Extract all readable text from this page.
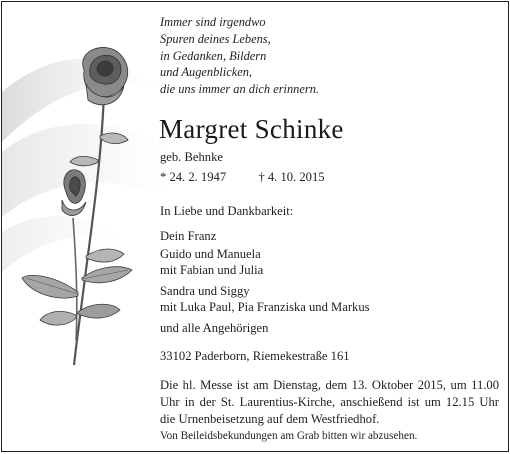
Immer sind irgendwo
Spuren deines Lebens,
in Gedanken, Bildern
und Augenblicken,
die uns immer an dich erinnern.
Margret Schinke
geb. Behnke
* 24. 2. 1947	† 4. 10. 2015
In Liebe und Dankbarkeit:
Dein Franz
Guido und Manuela
mit Fabian und Julia
Sandra und Siggy
mit Luka Paul, Pia Franziska und Markus
und alle Angehörigen
33102 Paderborn, Riemekestraße 161
Die hl. Messe ist am Dienstag, dem 13. Oktober 2015, um 11.00 Uhr in der St. Laurentius-Kirche, anschießend ist um 12.15 Uhr die Urnenbeisetzung auf dem Westfriedhof.
Von Beileidsbekundungen am Grab bitten wir abzusehen.
